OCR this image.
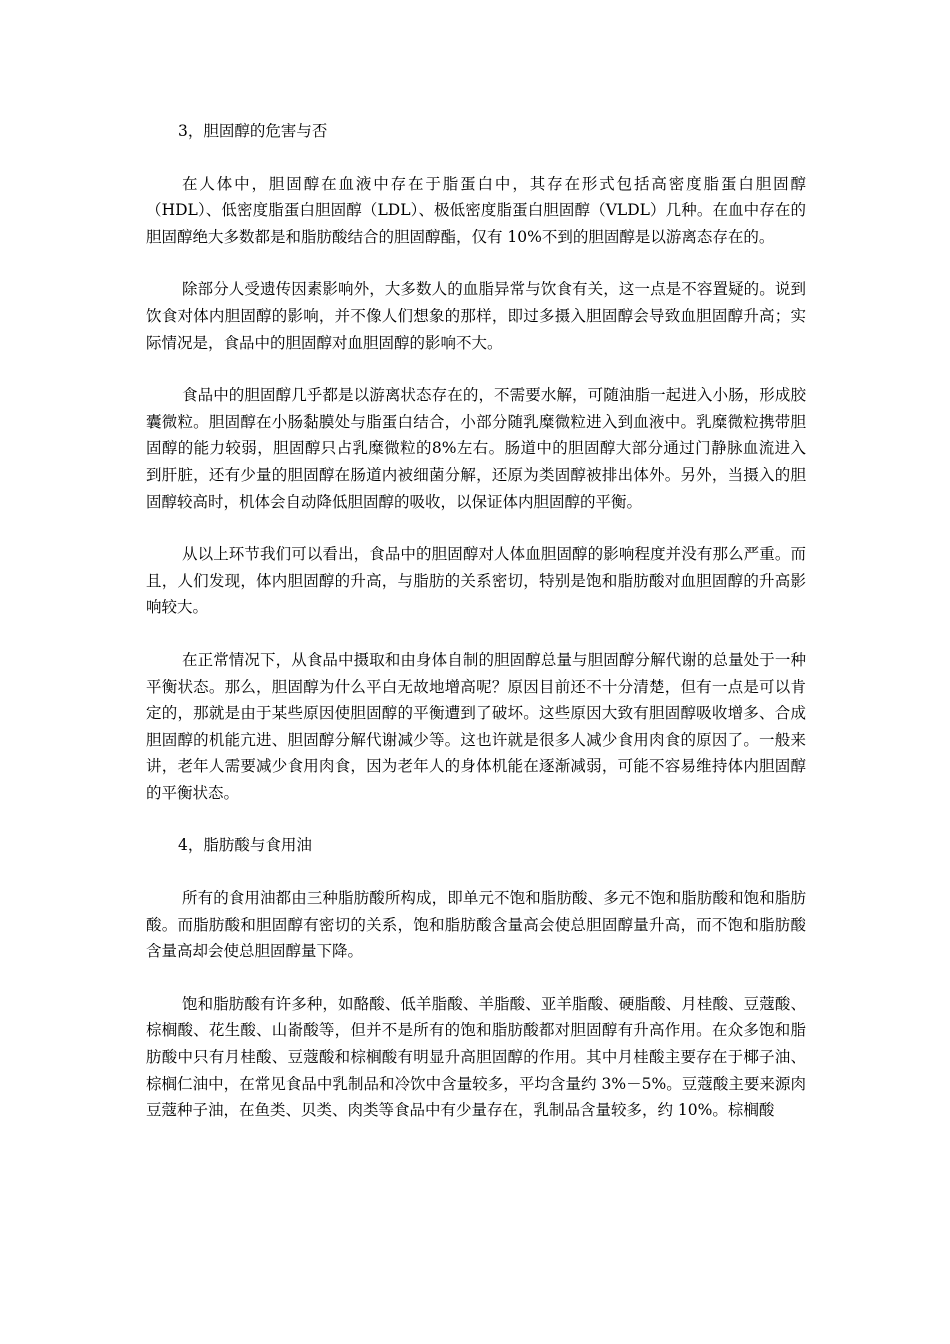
3，胆固醇的危害与否

在人体中，胆固醇在血液中存在于脂蛋白中，其存在形式包括高密度脂蛋白胆固醇（HDL）、低密度脂蛋白胆固醇（LDL）、极低密度脂蛋白胆固醇（VLDL）几种。在血中存在的胆固醇绝大多数都是和脂肪酸结合的胆固醇酯，仅有 10%不到的胆固醇是以游离态存在的。

除部分人受遗传因素影响外，大多数人的血脂异常与饮食有关，这一点是不容置疑的。说到饮食对体内胆固醇的影响，并不像人们想象的那样，即过多摄入胆固醇会导致血胆固醇升高；实际情况是，食品中的胆固醇对血胆固醇的影响不大。

食品中的胆固醇几乎都是以游离状态存在的，不需要水解，可随油脂一起进入小肠，形成胶囊微粒。胆固醇在小肠黏膜处与脂蛋白结合，小部分随乳糜微粒进入到血液中。乳糜微粒携带胆固醇的能力较弱，胆固醇只占乳糜微粒的8%左右。肠道中的胆固醇大部分通过门静脉血流进入到肝脏，还有少量的胆固醇在肠道内被细菌分解，还原为类固醇被排出体外。另外，当摄入的胆固醇较高时，机体会自动降低胆固醇的吸收，以保证体内胆固醇的平衡。

从以上环节我们可以看出，食品中的胆固醇对人体血胆固醇的影响程度并没有那么严重。而且，人们发现，体内胆固醇的升高，与脂肪的关系密切，特别是饱和脂肪酸对血胆固醇的升高影响较大。

在正常情况下，从食品中摄取和由身体自制的胆固醇总量与胆固醇分解代谢的总量处于一种平衡状态。那么，胆固醇为什么平白无故地增高呢？原因目前还不十分清楚，但有一点是可以肯定的，那就是由于某些原因使胆固醇的平衡遭到了破坏。这些原因大致有胆固醇吸收增多、合成胆固醇的机能亢进、胆固醇分解代谢减少等。这也许就是很多人减少食用肉食的原因了。一般来讲，老年人需要减少食用肉食，因为老年人的身体机能在逐渐减弱，可能不容易维持体内胆固醇的平衡状态。

4，脂肪酸与食用油

所有的食用油都由三种脂肪酸所构成，即单元不饱和脂肪酸、多元不饱和脂肪酸和饱和脂肪酸。而脂肪酸和胆固醇有密切的关系，饱和脂肪酸含量高会使总胆固醇量升高，而不饱和脂肪酸含量高却会使总胆固醇量下降。

饱和脂肪酸有许多种，如酪酸、低羊脂酸、羊脂酸、亚羊脂酸、硬脂酸、月桂酸、豆蔻酸、棕榈酸、花生酸、山嵛酸等，但并不是所有的饱和脂肪酸都对胆固醇有升高作用。在众多饱和脂肪酸中只有月桂酸、豆蔻酸和棕榈酸有明显升高胆固醇的作用。其中月桂酸主要存在于椰子油、棕榈仁油中，在常见食品中乳制品和冷饮中含量较多，平均含量约 3%－5%。豆蔻酸主要来源肉豆蔻种子油，在鱼类、贝类、肉类等食品中有少量存在，乳制品含量较多，约 10%。棕榈酸
